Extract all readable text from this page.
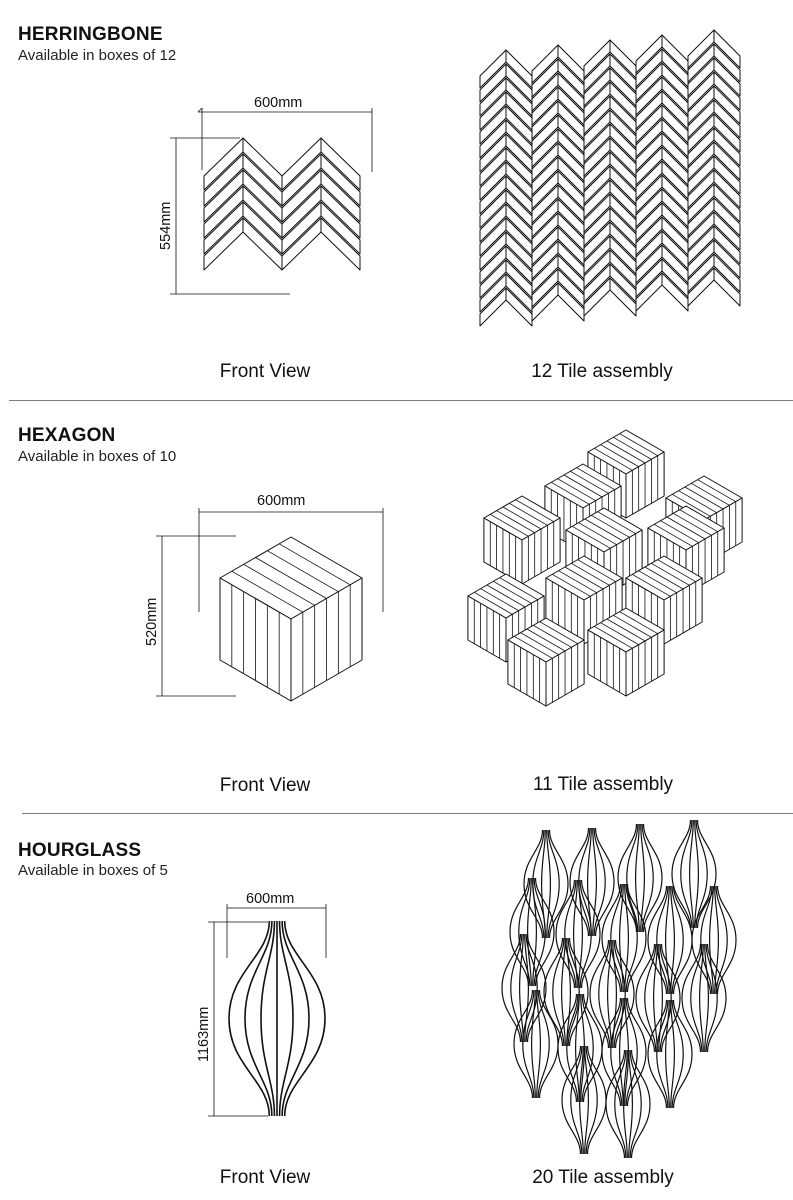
HERRINGBONE
Available in boxes of 12
600mm
554mm
Front View	12 Tile assembly
HEXAGON
Available in boxes of 10
600mm
520mm
Front View	11 Tile assembly
HOURGLASS
Available in boxes of 5
600mm
1163mm
Front View	20 Tile assembly
